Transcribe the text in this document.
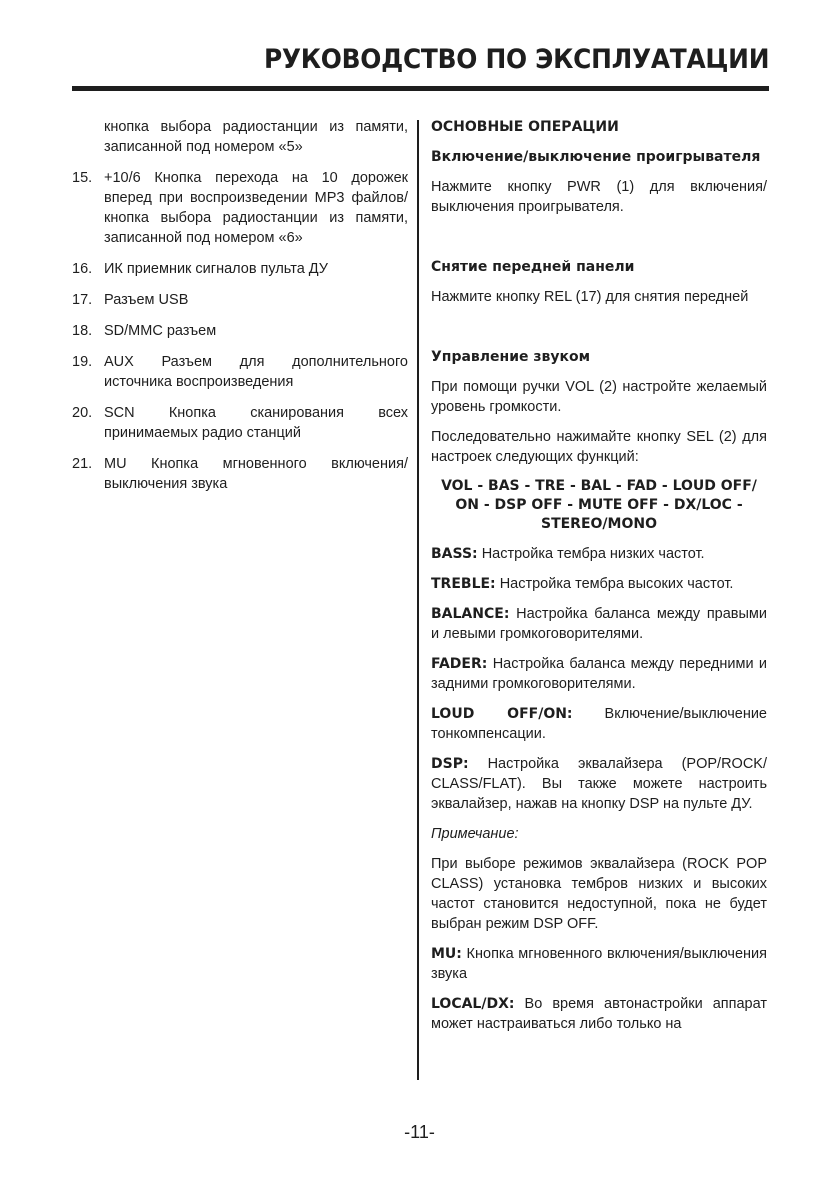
РУКОВОДСТВО ПО ЭКСПЛУАТАЦИИ
кнопка выбора радиостанции из памяти, записанной под номером «5»
15. +10/6 Кнопка перехода на 10 дорожек вперед при воспроизведении MP3 файлов/ кнопка выбора радиостанции из памяти, записанной под номером «6»
16. ИК приемник сигналов пульта ДУ
17. Разъем USB
18. SD/MMC разъем
19. AUX Разъем для дополнительного источника воспроизведения
20. SCN Кнопка сканирования всех принимаемых радио станций
21. MU Кнопка мгновенного включения/выключения звука
ОСНОВНЫЕ ОПЕРАЦИИ
Включение/выключение проигрывателя

Нажмите кнопку PWR (1) для включения/выключения проигрывателя.

Снятие передней панели

Нажмите кнопку REL (17) для снятия передней

Управление звуком

При помощи ручки VOL (2) настройте желаемый уровень громкости.

Последовательно нажимайте кнопку SEL (2) для настроек следующих функций:

VOL - BAS - TRE - BAL - FAD - LOUD OFF/ ON - DSP OFF - MUTE OFF - DX/LOC - STEREO/MONO

BASS: Настройка тембра низких частот.

TREBLE: Настройка тембра высоких частот.

BALANCE: Настройка баланса между правыми и левыми громкоговорителями.

FADER: Настройка баланса между передними и задними громкоговорителями.

LOUD OFF/ON: Включение/выключение тонкомпенсации.

DSP: Настройка эквалайзера (POP/ROCK/ CLASS/FLAT). Вы также можете настроить эквалайзер, нажав на кнопку DSP на пульте ДУ.

Примечание:

При выборе режимов эквалайзера (ROCK POP CLASS) установка тембров низких и высоких частот становится недоступной, пока не будет выбран режим DSP OFF.

MU: Кнопка мгновенного включения/выключения звука

LOCAL/DX: Во время автонастройки аппарат может настраиваться либо только на

-11-
